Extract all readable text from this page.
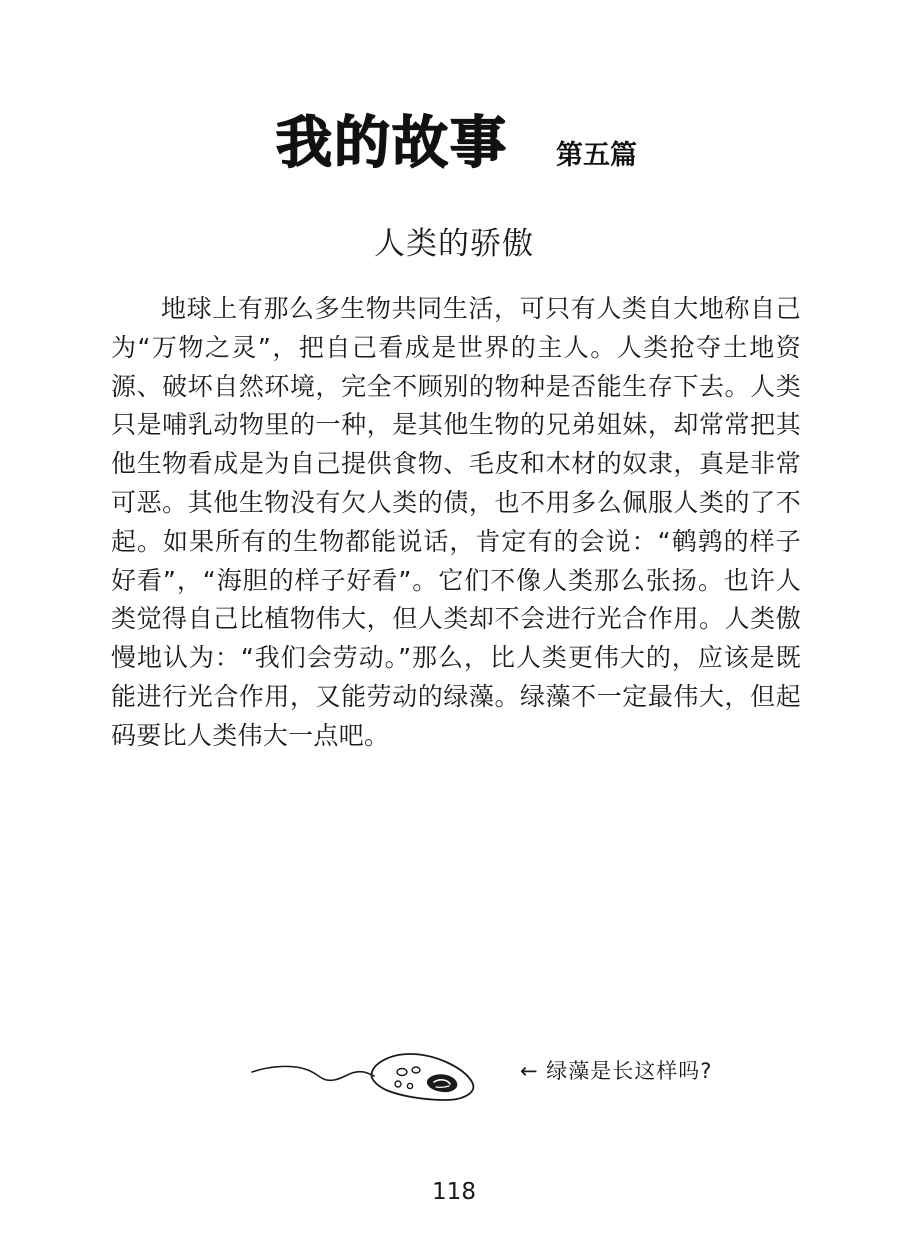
我的故事 第五篇
人类的骄傲

地球上有那么多生物共同生活，可只有人类自大地称自己为“万物之灵”，把自己看成是世界的主人。人类抢夺土地资源、破坏自然环境，完全不顾别的物种是否能生存下去。人类只是哺乳动物里的一种，是其他生物的兄弟姐妹，却常常把其他生物看成是为自己提供食物、毛皮和木材的奴隶，真是非常可恶。其他生物没有欠人类的债，也不用多么佩服人类的了不起。如果所有的生物都能说话，肯定有的会说：“鹌鹑的样子好看”，“海胆的样子好看”。它们不像人类那么张扬。也许人类觉得自己比植物伟大，但人类却不会进行光合作用。人类傲慢地认为：“我们会劳动。”那么，比人类更伟大的，应该是既能进行光合作用，又能劳动的绿藻。绿藻不一定最伟大，但起码要比人类伟大一点吧。

← 绿藻是长这样吗?
118
